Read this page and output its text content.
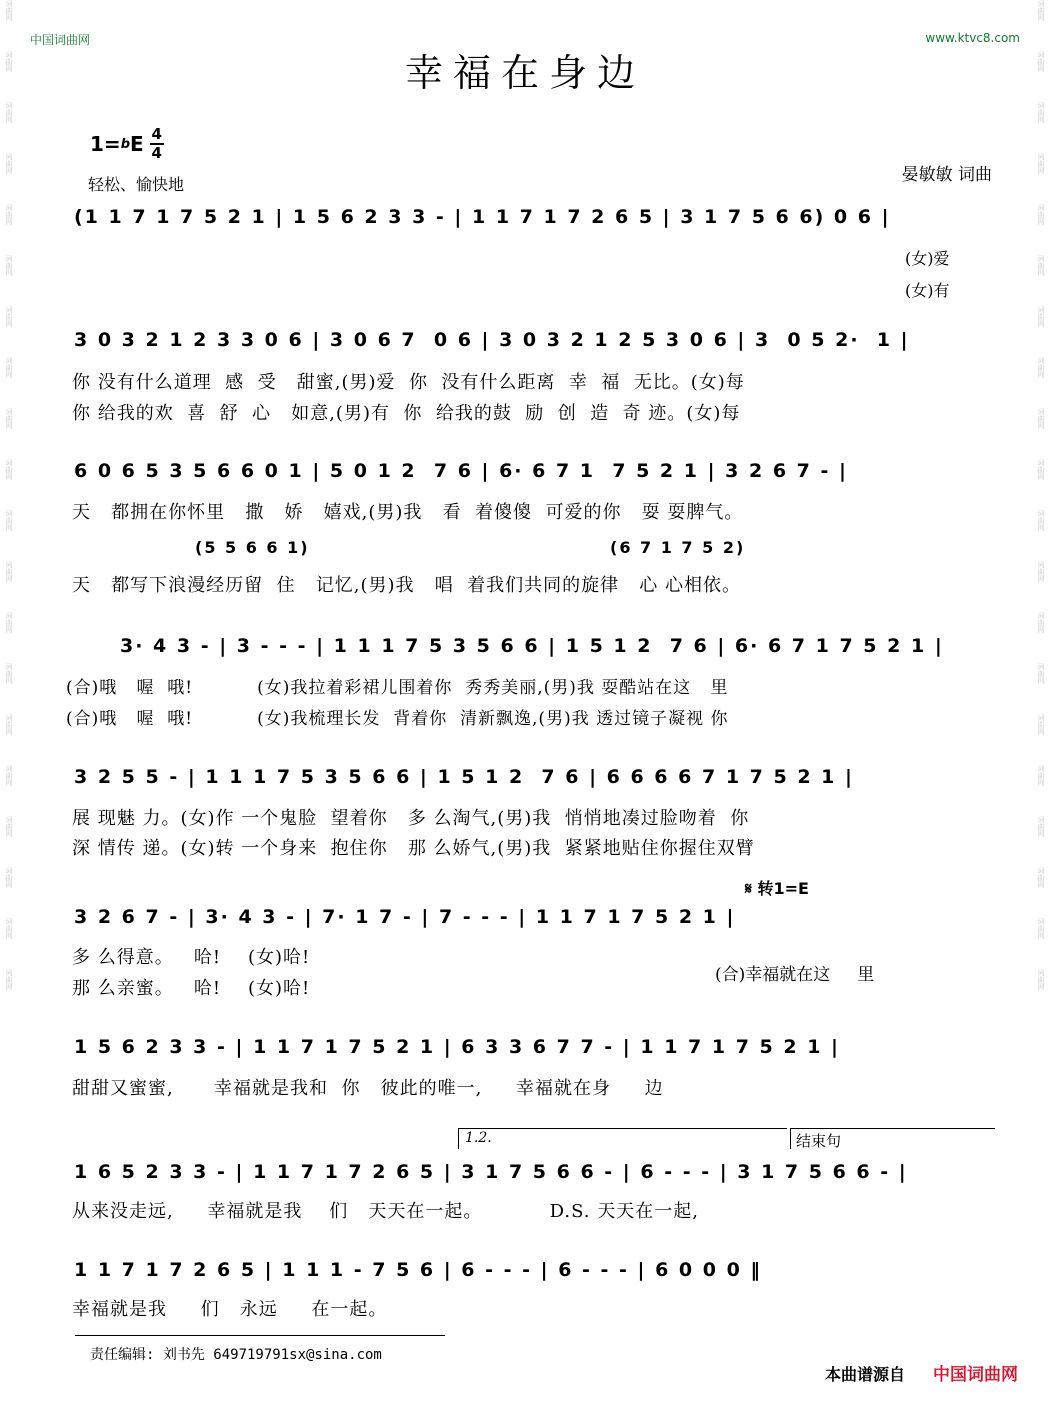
词曲网
词曲网
词曲网
词曲网
词曲网
词曲网
词曲网
词曲网
词曲网
词曲网
词曲网
词曲网
词曲网
词曲网
词曲网
词曲网
词曲网
词曲网
词曲网
词曲网
词曲网
词曲网
词曲网
词曲网
词曲网
词曲网
词曲网
词曲网
词曲网
词曲网
词曲网
词曲网
词曲网
词曲网
词曲网
词曲网
词曲网
词曲网
词曲网
词曲网
中国词曲网	www.ktvc8.com
幸福在身边
1= b E 4
4
轻松、愉快地	晏敏敏 词曲
(1 1 7 1 7 5 2 1 | 1 5 6 2 3 3 - | 1 1 7 1 7 2 6 5 | 3 1 7 5 6 6) 0 6 |
(女)爱
(女)有
3 0 3 2 1 2 3 3 0 6 | 3 0 6 7  0 6 | 3 0 3 2 1 2 5 3 0 6 | 3  0 5 2·  1 |
你 没有什么道理  感  受   甜蜜,(男)爱  你  没有什么距离  幸  福  无比。(女)每
你 给我的欢  喜  舒  心   如意,(男)有  你  给我的鼓  励  创  造  奇 迹。(女)每
6 0 6 5 3 5 6 6 0 1 | 5 0 1 2  7 6 | 6· 6 7 1  7 5 2 1 | 3 2 6 7 - |
天   都拥在你怀里   撒   娇   嬉戏,(男)我   看  着傻傻  可爱的你   耍 耍脾气。
(5 5 6 6 1)	(6 7 1 7 5 2)
天   都写下浪漫经历留  住   记忆,(男)我   唱  着我们共同的旋律   心 心相依。
3· 4 3 - | 3 - - - | 1 1 1 7 5 3 5 6 6 | 1 5 1 2  7 6 | 6· 6 7 1 7 5 2 1 |
(合)哦   喔  哦!          (女)我拉着彩裙儿围着你  秀秀美丽,(男)我 耍酷站在这   里
(合)哦   喔  哦!          (女)我梳理长发  背着你  清新飘逸,(男)我 透过镜子凝视 你
3 2 5 5 - | 1 1 1 7 5 3 5 6 6 | 1 5 1 2  7 6 | 6 6 6 6 7 1 7 5 2 1 |
展 现魅 力。(女)作 一个鬼脸  望着你   多 么淘气,(男)我  悄悄地凑过脸吻着  你
深 情传 递。(女)转 一个身来  抱住你   那 么娇气,(男)我  紧紧地贴住你握住双臂
𝄋 转1=E
3 2 6 7 - | 3· 4 3 - | 7· 1 7 - | 7 - - - | 1 1 7 1 7 5 2 1 |
多 么得意。   哈!    (女)哈!
那 么亲蜜。   哈!    (女)哈!
(合)幸福就在这     里
1 5 6 2 3 3 - | 1 1 7 1 7 5 2 1 | 6 3 3 6 7 7 - | 1 1 7 1 7 5 2 1 |
甜甜又蜜蜜,      幸福就是我和  你   彼此的唯一,     幸福就在身     边
1.2.	结束句
1 6 5 2 3 3 - | 1 1 7 1 7 2 6 5 | 3 1 7 5 6 6 - | 6 - - - | 3 1 7 5 6 6 - |
从来没走远,     幸福就是我    们   天天在一起。          D.S. 天天在一起,
1 1 7 1 7 2 6 5 | 1 1 1 - 7 5 6 | 6 - - - | 6 - - - | 6 0 0 0 ‖
幸福就是我     们   永远     在一起。
责任编辑: 刘书先 649719791sx@sina.com
本曲谱源自 中国词曲网
